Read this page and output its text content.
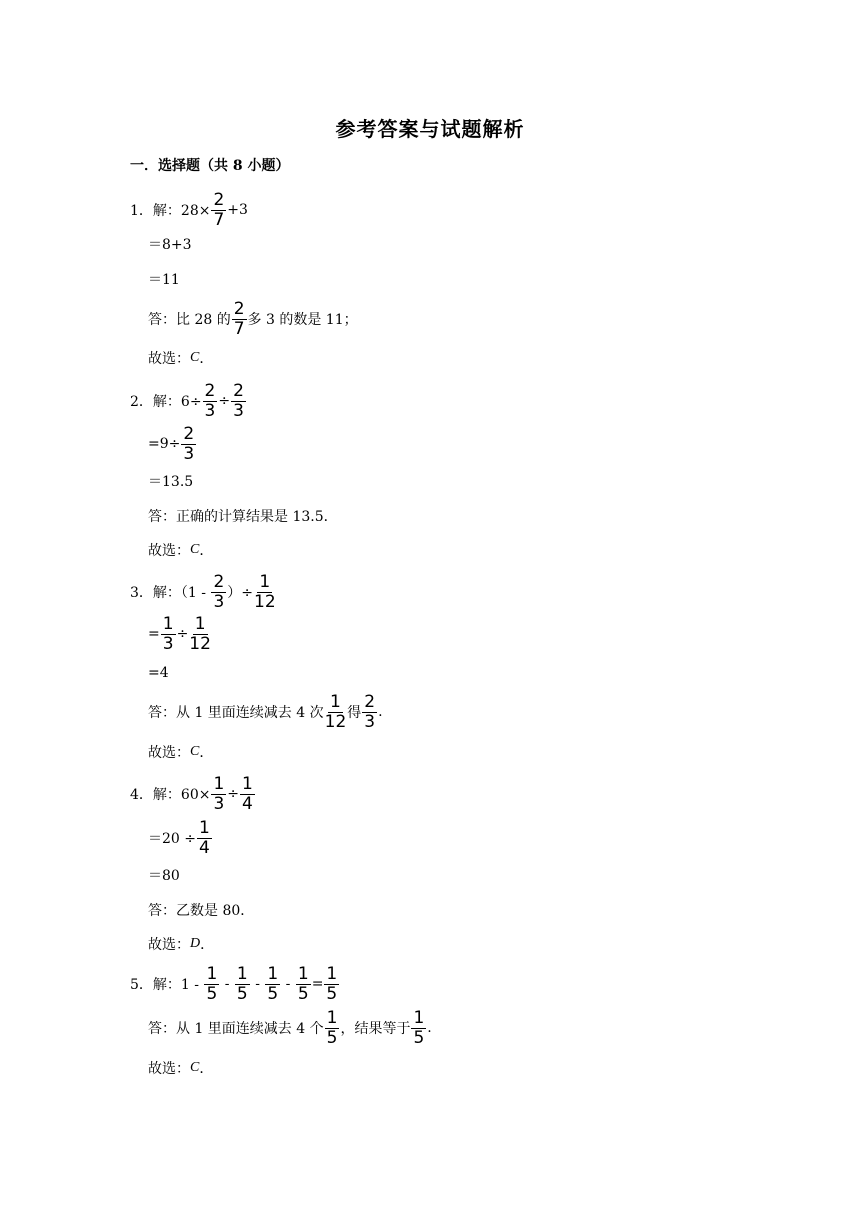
参考答案与试题解析
一．选择题（共 8 小题）
1．解：$28\times \frac{2}{7} +3$
＝8+3
＝11
答：比 28 的 $\frac{2}{7}$ 多 3 的数是 11；
故选： C ．
2．解：$6\div \frac{2}{3} \div \frac{2}{3}$
$=9\div \frac{2}{3}$
＝13.5
答：正确的计算结果是 13.5．
故选： C ．
3．解：（$1 - \frac{2}{3}$ ）÷ $\frac{1}{12}$
= $\frac{1}{3} \div \frac{1}{12}$
=4
答：从 1 里面连续减去 4 次 $\frac{1}{12}$ 得 $\frac{2}{3}$ .
故选： C ．
4．解：$60\times \frac{1}{3} \div \frac{1}{4}$
$=20 \div \frac{1}{4}$
＝80
答：乙数是 80．
故选： D ．
5．解：$1 - \frac{1}{5} - \frac{1}{5} - \frac{1}{5} - \frac{1}{5} = \frac{1}{5}$
答：从 1 里面连续减去 4 个 $\frac{1}{5}$ ，结果等于 $\frac{1}{5}$ .
故选： C ．
